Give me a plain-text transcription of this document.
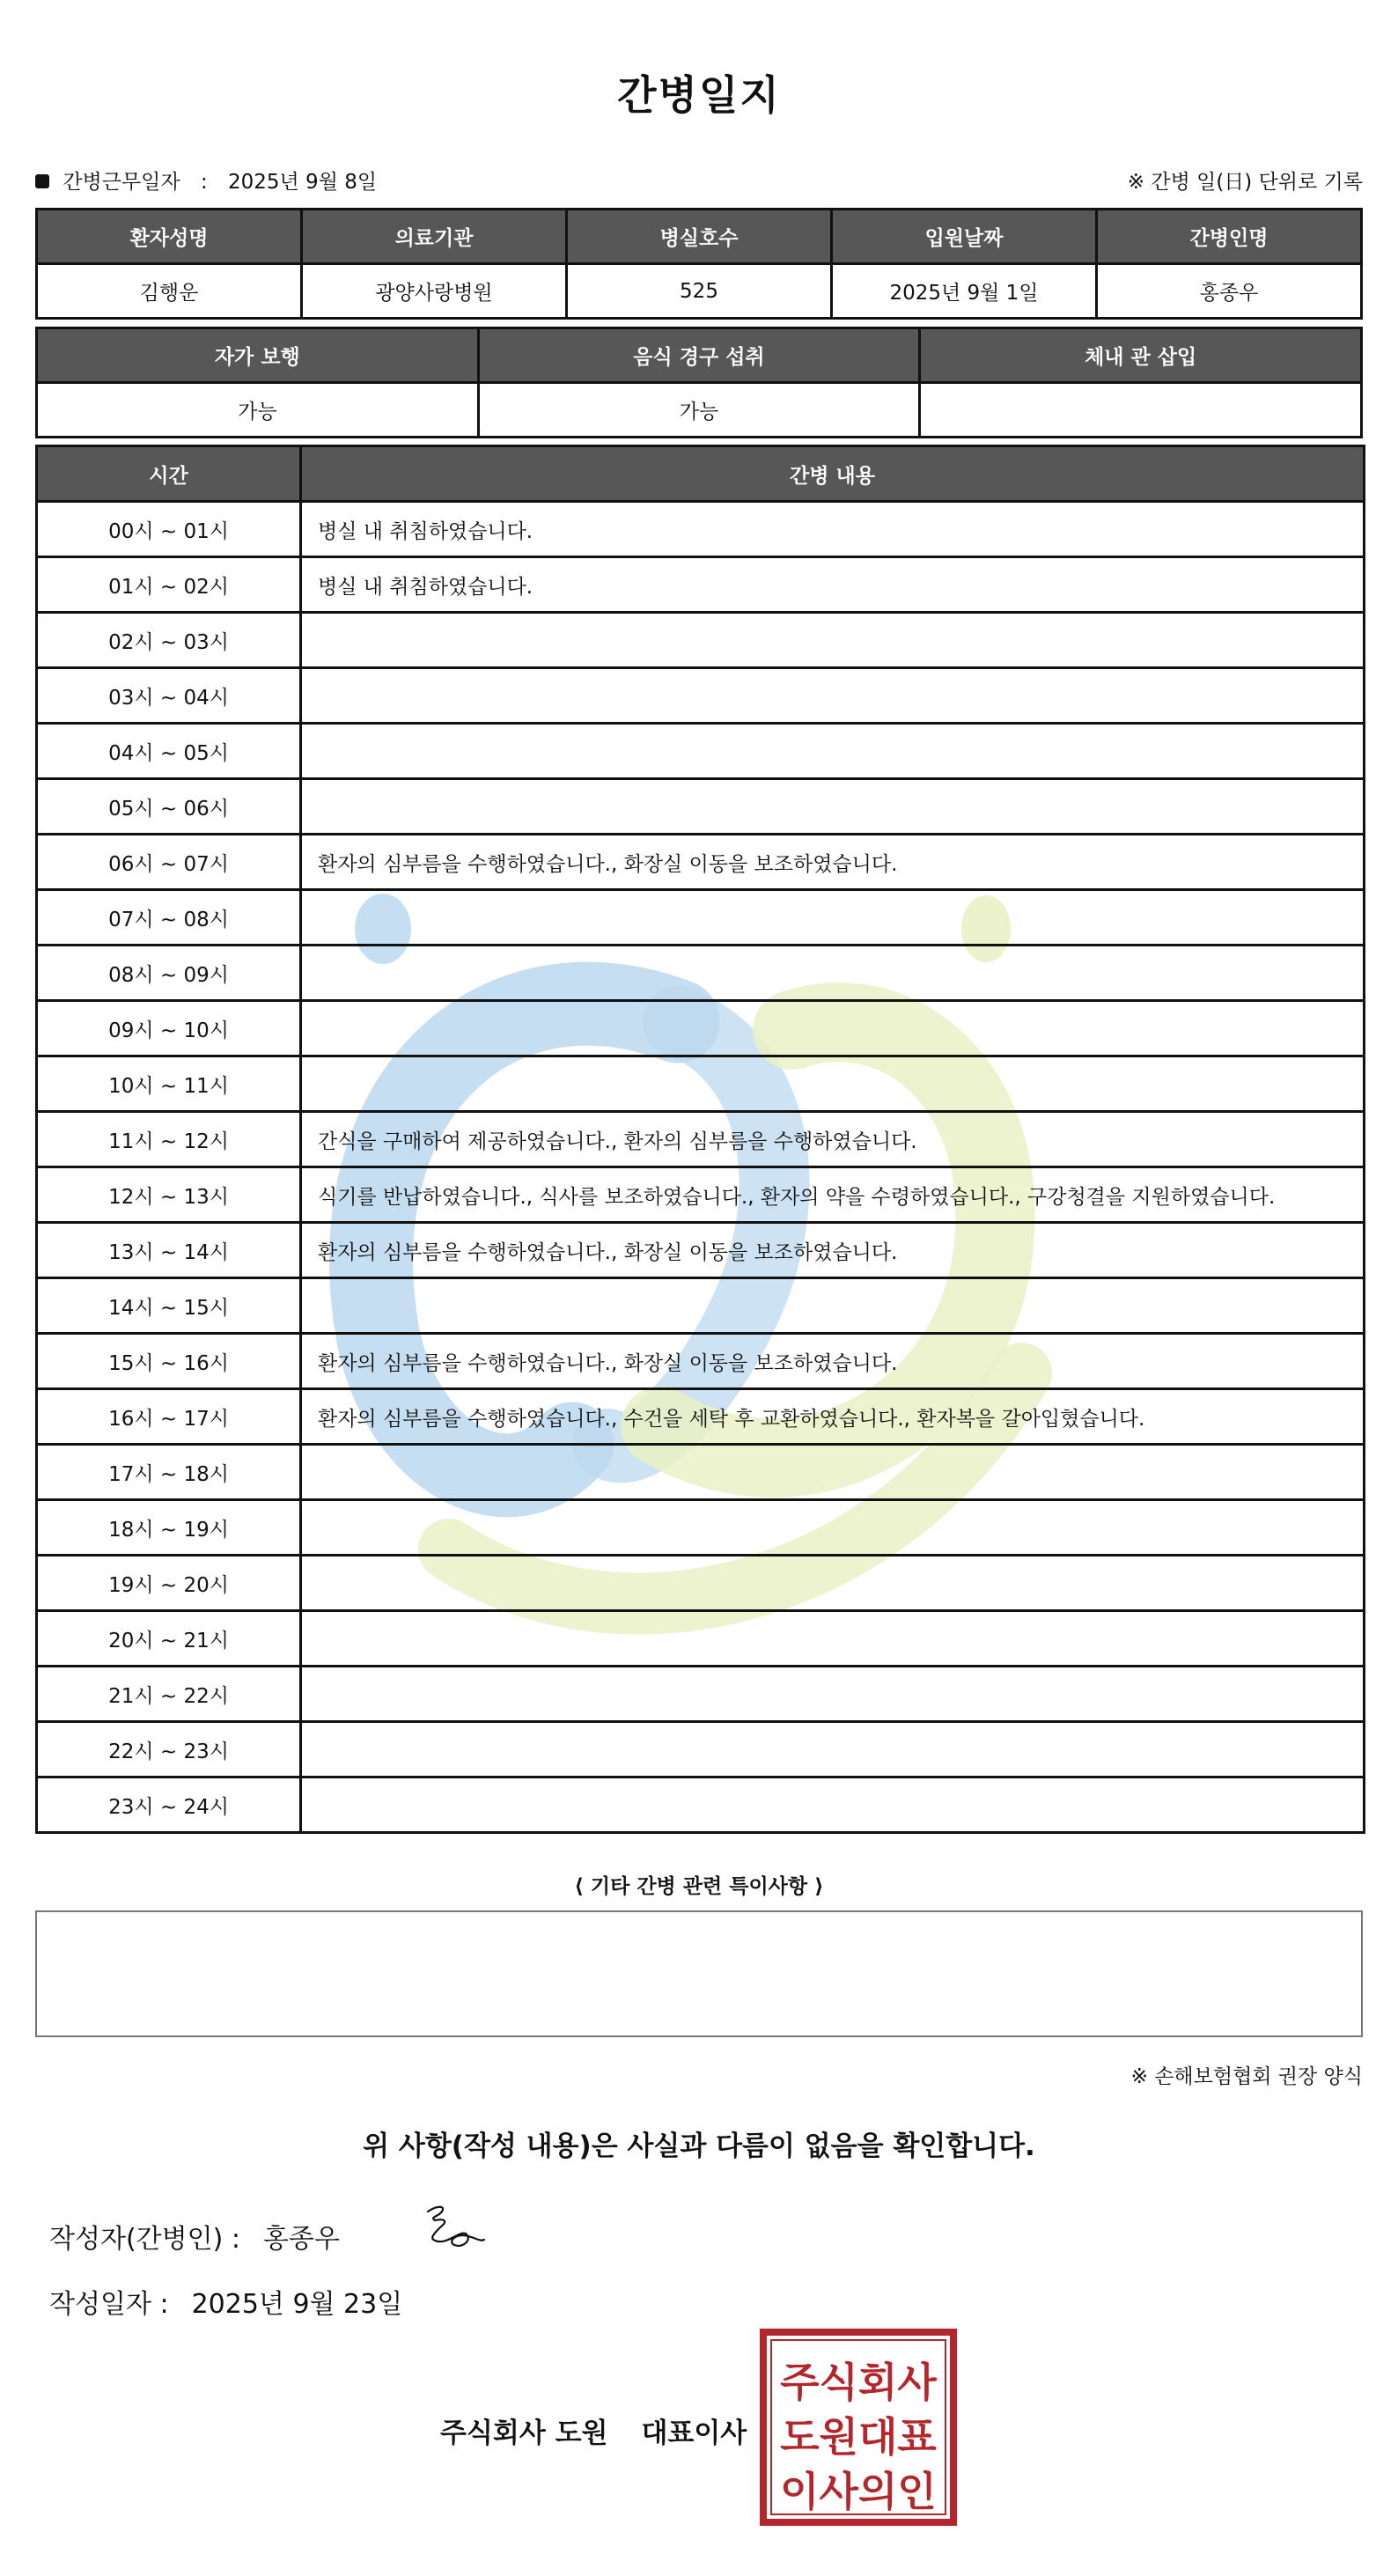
간병일지
간병근무일자 : 2025년 9월 8일	※ 간병 일(日) 단위로 기록
환자성명	의료기관	병실호수	입원날짜	간병인명
김행운	광양사랑병원	525	2025년 9월 1일	홍종우
자가 보행	음식 경구 섭취	체내 관 삽입
가능	가능	
시간	간병 내용
00시 ~ 01시	병실 내 취침하였습니다.
01시 ~ 02시	병실 내 취침하였습니다.
02시 ~ 03시	
03시 ~ 04시	
04시 ~ 05시	
05시 ~ 06시	
06시 ~ 07시	환자의 심부름을 수행하였습니다., 화장실 이동을 보조하였습니다.
07시 ~ 08시	
08시 ~ 09시	
09시 ~ 10시	
10시 ~ 11시	
11시 ~ 12시	간식을 구매하여 제공하였습니다., 환자의 심부름을 수행하였습니다.
12시 ~ 13시	식기를 반납하였습니다., 식사를 보조하였습니다., 환자의 약을 수령하였습니다., 구강청결을 지원하였습니다.
13시 ~ 14시	환자의 심부름을 수행하였습니다., 화장실 이동을 보조하였습니다.
14시 ~ 15시	
15시 ~ 16시	환자의 심부름을 수행하였습니다., 화장실 이동을 보조하였습니다.
16시 ~ 17시	환자의 심부름을 수행하였습니다., 수건을 세탁 후 교환하였습니다., 환자복을 갈아입혔습니다.
17시 ~ 18시	
18시 ~ 19시	
19시 ~ 20시	
20시 ~ 21시	
21시 ~ 22시	
22시 ~ 23시	
23시 ~ 24시	
⟨ 기타 간병 관련 특이사항 ⟩
※ 손해보험협회 권장 양식
위 사항(작성 내용)은 사실과 다름이 없음을 확인합니다.
작성자(간병인) : 홍종우
작성일자 : 2025년 9월 23일
주식회사 도원 대표이사
주식회사
도원대표
이사의인
